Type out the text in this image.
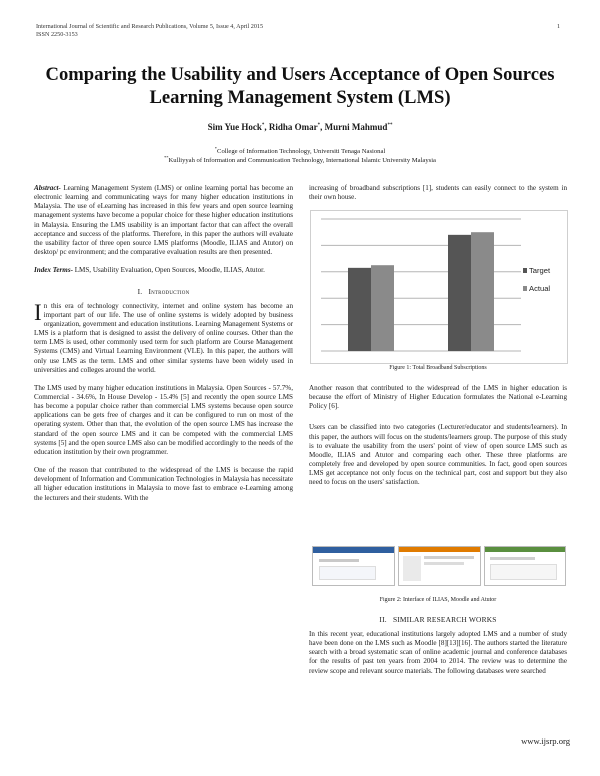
International Journal of Scientific and Research Publications, Volume 5, Issue 4, April 2015
ISSN 2250-3153
1
Comparing the Usability and Users Acceptance of Open Sources Learning Management System (LMS)
Sim Yue Hock*, Ridha Omar*, Murni Mahmud**
*College of Information Technology, Universiti Tenaga Nasional
**Kulliyyah of Information and Communication Technology, International Islamic University Malaysia

Abstract- Learning Management System (LMS) or online learning portal has become an electronic learning and communicating ways for many higher education institutions in Malaysia. The use of eLearning has increased in this few years and open source learning management systems have become a popular choice for these higher education institutions in Malaysia. Ensuring the LMS usability is an important factor that can affect the overall acceptance and success of the platforms. Therefore, in this paper the authors will evaluate the usability factor of three open source LMS platforms (Moodle, ILIAS and Atutor) on desktop/ pc environment; and the comparative evaluation results are then presented.

Index Terms- LMS, Usability Evaluation, Open Sources, Moodle, ILIAS, Atutor.

I. Introduction

In this era of technology connectivity, internet and online system has become an important part of our life. The use of online systems is widely adopted by business organization, government and education institutions. Learning Management Systems or LMS is a platform that is designed to assist the delivery of online courses. Other than the term LMS is used, other commonly used term for such platform are Course Management Systems (CMS) and Virtual Learning Environment (VLE). In this paper, the authors will only use LMS as the term. LMS and other similar systems have been widely used in universities and colleges around the world.

The LMS used by many higher education institutions in Malaysia. Open Sources - 57.7%, Commercial - 34.6%, In House Develop - 15.4% [5] and recently the open source LMS has become a popular choice rather than commercial LMS systems because open source applications can be gets free of charges and it can be configured to run on most of the operating system. Other than that, the evolution of the open source LMS has increase the standard of the open source LMS and it can be competed with the commercial LMS systems [5] and the open source LMS also can be modified accordingly to the needs of the education institution by their own programmer.

One of the reason that contributed to the widespread of the LMS is because the rapid development of Information and Communication Technologies in Malaysia has necessitate all higher education institutions in Malaysia to move fast to embrace e-Learning among the lecturers and their students. With the

increasing of broadband subscriptions [1], students can easily connect to the system in their own house.

Target
Actual
Figure 1: Total Broadband Subscriptions

Another reason that contributed to the widespread of the LMS in higher education is because the effort of Ministry of Higher Education formulates the National e-Learning Policy [6].

Users can be classified into two categories (Lecturer/educator and students/learners). In this paper, the authors will focus on the students/learners group. The purpose of this study is to evaluate the usability from the users' point of view of open source LMS such as Moodle, ILIAS and Atutor and comparing each other. These three platforms are completely free and developed by open source communities. In fact, good open sources LMS get acceptance not only focus on the technical part, cost and support but they also need to focus on the users' satisfaction.

Figure 2: Interface of ILIAS, Moodle and Atutor
II. SIMILAR RESEARCH WORKS

In this recent year, educational institutions largely adopted LMS and a number of study have been done on the LMS such as Moodle [8][13][16]. The authors started the literature search with a broad systematic scan of online academic journal and conference databases for the results of past ten years from 2004 to 2014. The review was to determine the review scope and relevant source materials. The following databases were searched

www.ijsrp.org
